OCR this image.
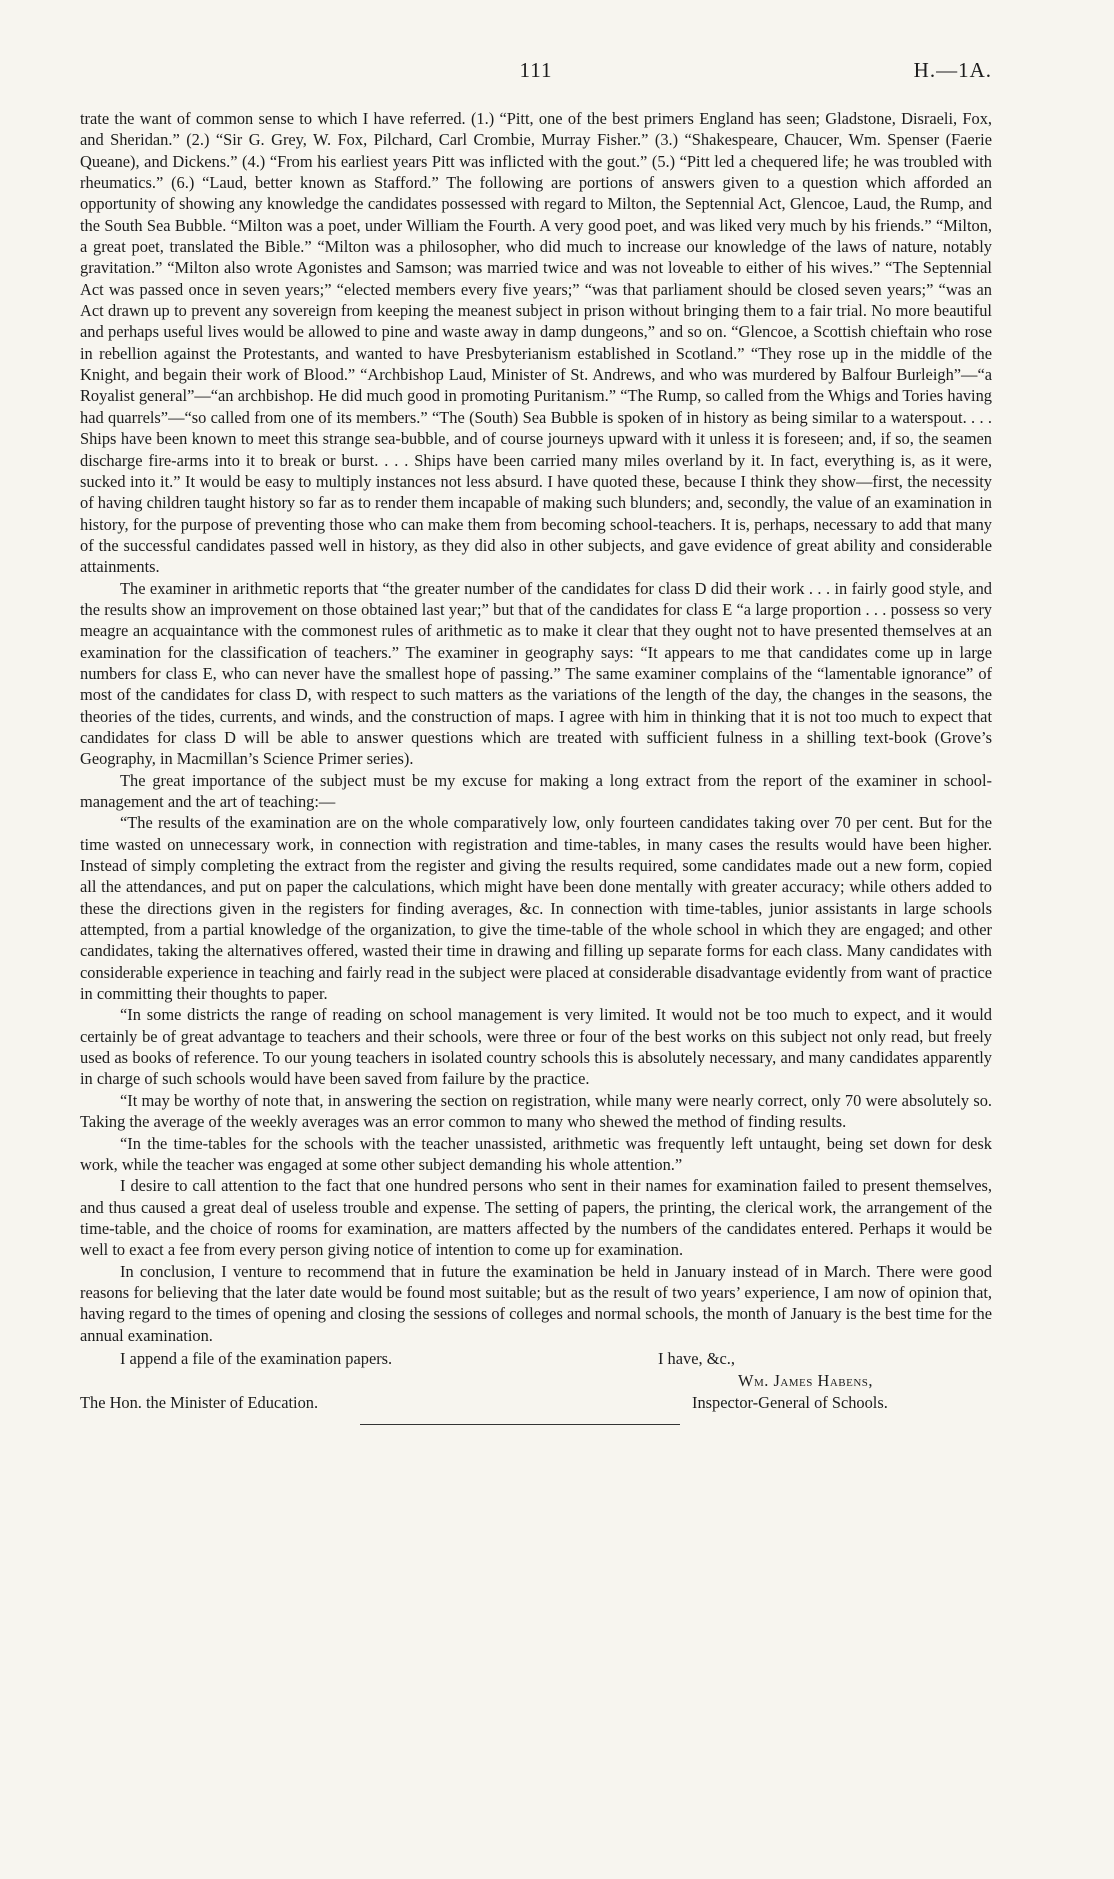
111	H.—1A.

trate the want of common sense to which I have referred. (1.) “Pitt, one of the best primers England has seen; Gladstone, Disraeli, Fox, and Sheridan.” (2.) “Sir G. Grey, W. Fox, Pilchard, Carl Crombie, Murray Fisher.” (3.) “Shakespeare, Chaucer, Wm. Spenser (Faerie Queane), and Dickens.” (4.) “From his earliest years Pitt was inflicted with the gout.” (5.) “Pitt led a chequered life; he was troubled with rheumatics.” (6.) “Laud, better known as Stafford.” The following are portions of answers given to a question which afforded an opportunity of showing any knowledge the candidates possessed with regard to Milton, the Septennial Act, Glencoe, Laud, the Rump, and the South Sea Bubble. “Milton was a poet, under William the Fourth. A very good poet, and was liked very much by his friends.” “Milton, a great poet, translated the Bible.” “Milton was a philosopher, who did much to increase our knowledge of the laws of nature, notably gravitation.” “Milton also wrote Agonistes and Samson; was married twice and was not loveable to either of his wives.” “The Septennial Act was passed once in seven years;” “elected members every five years;” “was that parliament should be closed seven years;” “was an Act drawn up to prevent any sovereign from keeping the meanest subject in prison without bringing them to a fair trial. No more beautiful and perhaps useful lives would be allowed to pine and waste away in damp dungeons,” and so on. “Glencoe, a Scottish chieftain who rose in rebellion against the Protestants, and wanted to have Presbyterianism established in Scotland.” “They rose up in the middle of the Knight, and begain their work of Blood.” “Archbishop Laud, Minister of St. Andrews, and who was murdered by Balfour Burleigh”—“a Royalist general”—“an archbishop. He did much good in promoting Puritanism.” “The Rump, so called from the Whigs and Tories having had quarrels”—“so called from one of its members.” “The (South) Sea Bubble is spoken of in history as being similar to a waterspout. . . . Ships have been known to meet this strange sea-bubble, and of course journeys upward with it unless it is foreseen; and, if so, the seamen discharge fire-arms into it to break or burst. . . . Ships have been carried many miles overland by it. In fact, everything is, as it were, sucked into it.” It would be easy to multiply instances not less absurd. I have quoted these, because I think they show—first, the necessity of having children taught history so far as to render them incapable of making such blunders; and, secondly, the value of an examination in history, for the purpose of preventing those who can make them from becoming school-teachers. It is, perhaps, necessary to add that many of the successful candidates passed well in history, as they did also in other subjects, and gave evidence of great ability and considerable attainments.

The examiner in arithmetic reports that “the greater number of the candidates for class D did their work . . . in fairly good style, and the results show an improvement on those obtained last year;” but that of the candidates for class E “a large proportion . . . possess so very meagre an acquaintance with the commonest rules of arithmetic as to make it clear that they ought not to have presented themselves at an examination for the classification of teachers.” The examiner in geography says: “It appears to me that candidates come up in large numbers for class E, who can never have the smallest hope of passing.” The same examiner complains of the “lamentable ignorance” of most of the candidates for class D, with respect to such matters as the variations of the length of the day, the changes in the seasons, the theories of the tides, currents, and winds, and the construction of maps. I agree with him in thinking that it is not too much to expect that candidates for class D will be able to answer questions which are treated with sufficient fulness in a shilling text-book (Grove’s Geography, in Macmillan’s Science Primer series).

The great importance of the subject must be my excuse for making a long extract from the report of the examiner in school-management and the art of teaching:—

“The results of the examination are on the whole comparatively low, only fourteen candidates taking over 70 per cent. But for the time wasted on unnecessary work, in connection with registration and time-tables, in many cases the results would have been higher. Instead of simply completing the extract from the register and giving the results required, some candidates made out a new form, copied all the attendances, and put on paper the calculations, which might have been done mentally with greater accuracy; while others added to these the directions given in the registers for finding averages, &c. In connection with time-tables, junior assistants in large schools attempted, from a partial knowledge of the organization, to give the time-table of the whole school in which they are engaged; and other candidates, taking the alternatives offered, wasted their time in drawing and filling up separate forms for each class. Many candidates with considerable experience in teaching and fairly read in the subject were placed at considerable disadvantage evidently from want of practice in committing their thoughts to paper.

“In some districts the range of reading on school management is very limited. It would not be too much to expect, and it would certainly be of great advantage to teachers and their schools, were three or four of the best works on this subject not only read, but freely used as books of reference. To our young teachers in isolated country schools this is absolutely necessary, and many candidates apparently in charge of such schools would have been saved from failure by the practice.

“It may be worthy of note that, in answering the section on registration, while many were nearly correct, only 70 were absolutely so. Taking the average of the weekly averages was an error common to many who shewed the method of finding results.

“In the time-tables for the schools with the teacher unassisted, arithmetic was frequently left untaught, being set down for desk work, while the teacher was engaged at some other subject demanding his whole attention.”

I desire to call attention to the fact that one hundred persons who sent in their names for examination failed to present themselves, and thus caused a great deal of useless trouble and expense. The setting of papers, the printing, the clerical work, the arrangement of the time-table, and the choice of rooms for examination, are matters affected by the numbers of the candidates entered. Perhaps it would be well to exact a fee from every person giving notice of intention to come up for examination.

In conclusion, I venture to recommend that in future the examination be held in January instead of in March. There were good reasons for believing that the later date would be found most suitable; but as the result of two years’ experience, I am now of opinion that, having regard to the times of opening and closing the sessions of colleges and normal schools, the month of January is the best time for the annual examination.

I append a file of the examination papers.	I have, &c.,
Wm. James Habens,
The Hon. the Minister of Education.	Inspector-General of Schools.
